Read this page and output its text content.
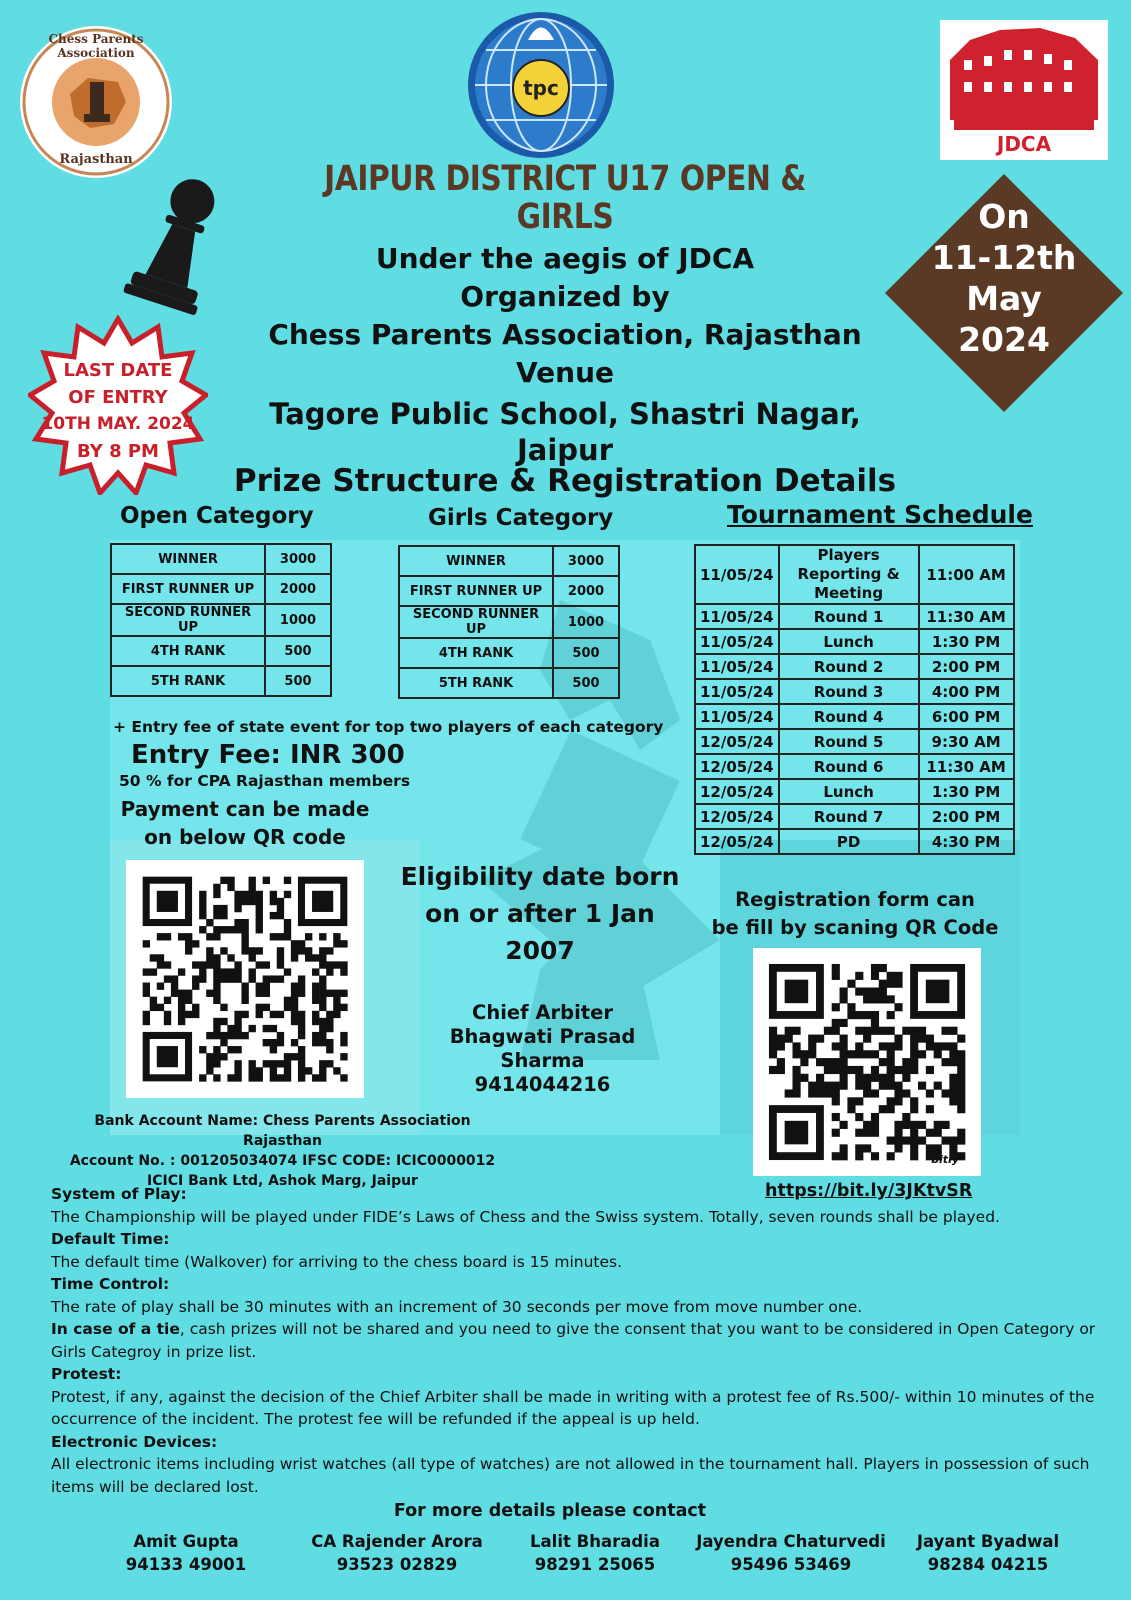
Chess Parents Association
Rajasthan
tpc
JDCA
JAIPUR DISTRICT U17 OPEN &
GIRLS
Under the aegis of JDCA
Organized by
Chess Parents Association, Rajasthan
Venue
Tagore Public School, Shastri Nagar, Jaipur
On
11-12th
May
2024
LAST DATE
OF ENTRY
10TH MAY. 2024
BY 8 PM
Prize Structure & Registration Details
Open Category
WINNER	3000
FIRST RUNNER UP	2000
SECOND RUNNER UP	1000
4TH RANK	500
5TH RANK	500
Girls Category
WINNER	3000
FIRST RUNNER UP	2000
SECOND RUNNER UP	1000
4TH RANK	500
5TH RANK	500
Tournament Schedule
11/05/24	Players Reporting & Meeting	11:00 AM
11/05/24	Round 1	11:30 AM
11/05/24	Lunch	1:30 PM
11/05/24	Round 2	2:00 PM
11/05/24	Round 3	4:00 PM
11/05/24	Round 4	6:00 PM
12/05/24	Round 5	9:30 AM
12/05/24	Round 6	11:30 AM
12/05/24	Lunch	1:30 PM
12/05/24	Round 7	2:00 PM
12/05/24	PD	4:30 PM
+ Entry fee of state event for top two players of each category
Entry Fee: INR 300
50 % for CPA Rajasthan members
Payment can be made
on below QR code
Eligibility date born
on or after 1 Jan 2007
Chief Arbiter
Bhagwati Prasad Sharma
9414044216
Registration form can
be fill by scaning QR Code
bitly
https://bit.ly/3JKtvSR
Bank Account Name: Chess Parents Association Rajasthan
Account No. : 001205034074 IFSC CODE: ICIC0000012
ICICI Bank Ltd, Ashok Marg, Jaipur
System of Play:
The Championship will be played under FIDE’s Laws of Chess and the Swiss system. Totally, seven rounds shall be played.
Default Time:
The default time (Walkover) for arriving to the chess board is 15 minutes.
Time Control:
The rate of play shall be 30 minutes with an increment of 30 seconds per move from move number one.
In case of a tie, cash prizes will not be shared and you need to give the consent that you want to be considered in Open Category or Girls Categroy in prize list.
Protest:
Protest, if any, against the decision of the Chief Arbiter shall be made in writing with a protest fee of Rs.500/- within 10 minutes of the occurrence of the incident. The protest fee will be refunded if the appeal is up held.
Electronic Devices:
All electronic items including wrist watches (all type of watches) are not allowed in the tournament hall. Players in possession of such items will be declared lost.
For more details please contact
Amit Gupta
94133 49001
CA Rajender Arora
93523 02829
Lalit Bharadia
98291 25065
Jayendra Chaturvedi
95496 53469
Jayant Byadwal
98284 04215
